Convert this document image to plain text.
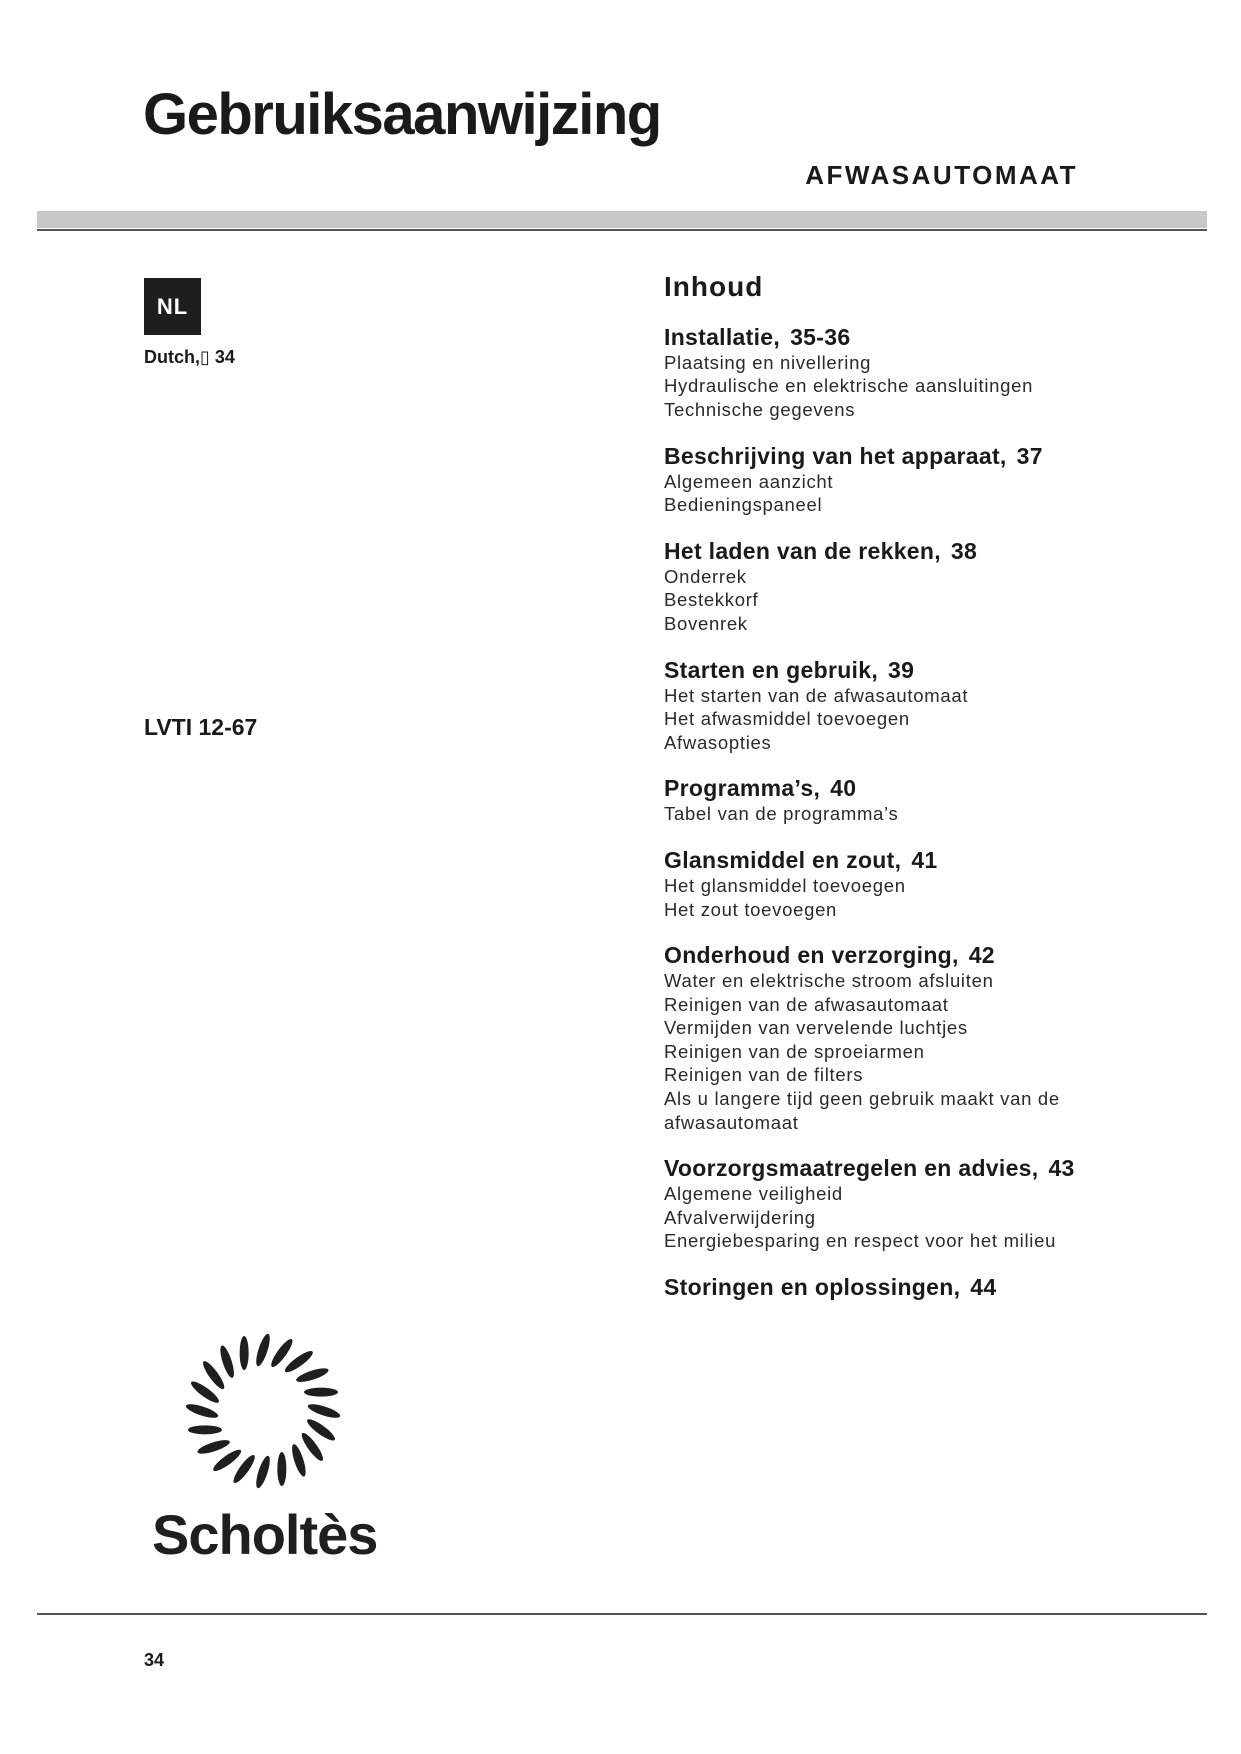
Gebruiksaanwijzing
AFWASAUTOMAAT
NL
Dutch,▯ 34
LVTI 12-67
Inhoud
Installatie, 35-36
Plaatsing en nivellering
Hydraulische en elektrische aansluitingen
Technische gegevens
Beschrijving van het apparaat, 37
Algemeen aanzicht
Bedieningspaneel
Het laden van de rekken, 38
Onderrek
Bestekkorf
Bovenrek
Starten en gebruik, 39
Het starten van de afwasautomaat
Het afwasmiddel toevoegen
Afwasopties
Programma’s, 40
Tabel van de programma’s
Glansmiddel en zout, 41
Het glansmiddel toevoegen
Het zout toevoegen
Onderhoud en verzorging, 42
Water en elektrische stroom afsluiten
Reinigen van de afwasautomaat
Vermijden van vervelende luchtjes
Reinigen van de sproeiarmen
Reinigen van de filters
Als u langere tijd geen gebruik maakt van de
afwasautomaat
Voorzorgsmaatregelen en advies, 43
Algemene veiligheid
Afvalverwijdering
Energiebesparing en respect voor het milieu
Storingen en oplossingen, 44
Scholtès
34
